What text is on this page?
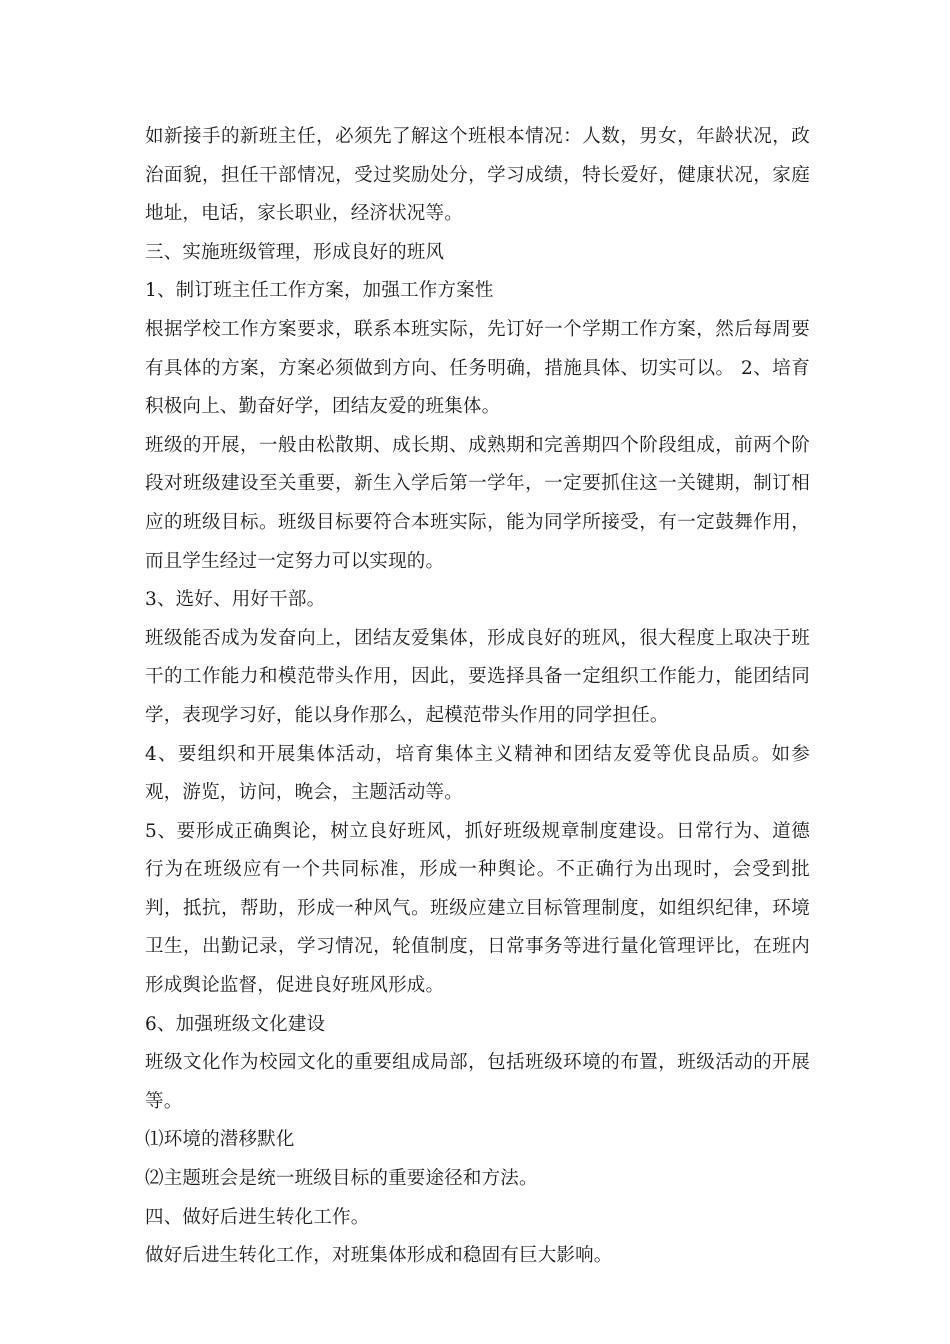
如新接手的新班主任，必须先了解这个班根本情况：人数，男女，年龄状况，政治面貌，担任干部情况，受过奖励处分，学习成绩，特长爱好，健康状况，家庭地址，电话，家长职业，经济状况等。

三、实施班级管理，形成良好的班风

1、制订班主任工作方案，加强工作方案性

根据学校工作方案要求，联系本班实际，先订好一个学期工作方案，然后每周要有具体的方案，方案必须做到方向、任务明确，措施具体、切实可以。 2、培育积极向上、勤奋好学，团结友爱的班集体。

班级的开展，一般由松散期、成长期、成熟期和完善期四个阶段组成，前两个阶段对班级建设至关重要，新生入学后第一学年，一定要抓住这一关键期，制订相应的班级目标。班级目标要符合本班实际，能为同学所接受，有一定鼓舞作用，而且学生经过一定努力可以实现的。

3、选好、用好干部。

班级能否成为发奋向上，团结友爱集体，形成良好的班风，很大程度上取决于班干的工作能力和模范带头作用，因此，要选择具备一定组织工作能力，能团结同学，表现学习好，能以身作那么，起模范带头作用的同学担任。

4、要组织和开展集体活动，培育集体主义精神和团结友爱等优良品质。如参观，游览，访问，晚会，主题活动等。

5、要形成正确舆论，树立良好班风，抓好班级规章制度建设。日常行为、道德行为在班级应有一个共同标准，形成一种舆论。不正确行为出现时，会受到批判，抵抗，帮助，形成一种风气。班级应建立目标管理制度，如组织纪律，环境卫生，出勤记录，学习情况，轮值制度，日常事务等进行量化管理评比，在班内形成舆论监督，促进良好班风形成。

6、加强班级文化建设

班级文化作为校园文化的重要组成局部，包括班级环境的布置，班级活动的开展等。

⑴环境的潜移默化

⑵主题班会是统一班级目标的重要途径和方法。

四、做好后进生转化工作。

做好后进生转化工作，对班集体形成和稳固有巨大影响。
